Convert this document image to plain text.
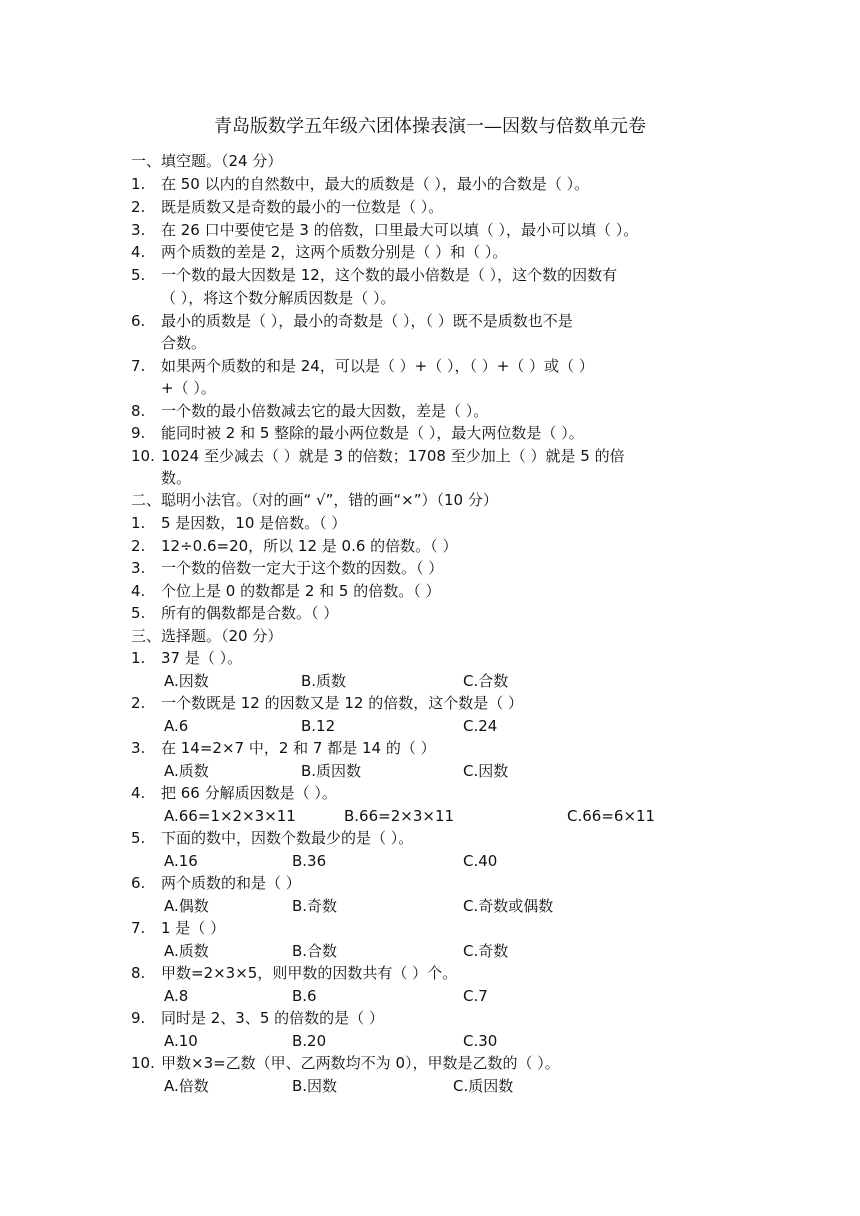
青岛版数学五年级六团体操表演一—因数与倍数单元卷
一、填空题。（24 分）
1. 在 50 以内的自然数中，最大的质数是（ ），最小的合数是（ ）。
2. 既是质数又是奇数的最小的一位数是（ ）。
3. 在 26 口中要使它是 3 的倍数，口里最大可以填（ ），最小可以填（ ）。
4. 两个质数的差是 2，这两个质数分别是（ ）和（ ）。
5. 一个数的最大因数是 12，这个数的最小倍数是（ ），这个数的因数有
（ ），将这个数分解质因数是（ ）。
6. 最小的质数是（ ），最小的奇数是（ ），（ ）既不是质数也不是
合数。
7. 如果两个质数的和是 24，可以是（ ）+（ ），（ ）+（ ）或（ ）
+（ ）。
8. 一个数的最小倍数减去它的最大因数，差是（ ）。
9. 能同时被 2 和 5 整除的最小两位数是（ ），最大两位数是（ ）。
10. 1024 至少减去（ ）就是 3 的倍数；1708 至少加上（ ）就是 5 的倍
数。
二、聪明小法官。（对的画“ √”，错的画“×”）（10 分）
1. 5 是因数，10 是倍数。（ ）
2. 12÷0.6=20，所以 12 是 0.6 的倍数。（ ）
3. 一个数的倍数一定大于这个数的因数。（ ）
4. 个位上是 0 的数都是 2 和 5 的倍数。（ ）
5. 所有的偶数都是合数。（ ）
三、选择题。（20 分）
1. 37 是（ ）。
A.因数	B.质数	C.合数
2. 一个数既是 12 的因数又是 12 的倍数，这个数是（ ）
A.6	B.12	C.24
3. 在 14=2×7 中，2 和 7 都是 14 的（ ）
A.质数	B.质因数	C.因数
4. 把 66 分解质因数是（ ）。
A.66=1×2×3×11	B.66=2×3×11	C.66=6×11
5. 下面的数中，因数个数最少的是（ ）。
A.16	B.36	C.40
6. 两个质数的和是（ ）
A.偶数	B.奇数	C.奇数或偶数
7. 1 是（ ）
A.质数	B.合数	C.奇数
8. 甲数=2×3×5，则甲数的因数共有（ ）个。
A.8	B.6	C.7
9. 同时是 2、3、5 的倍数的是（ ）
A.10	B.20	C.30
10. 甲数×3=乙数（甲、乙两数均不为 0），甲数是乙数的（ ）。
A.倍数	B.因数	C.质因数
